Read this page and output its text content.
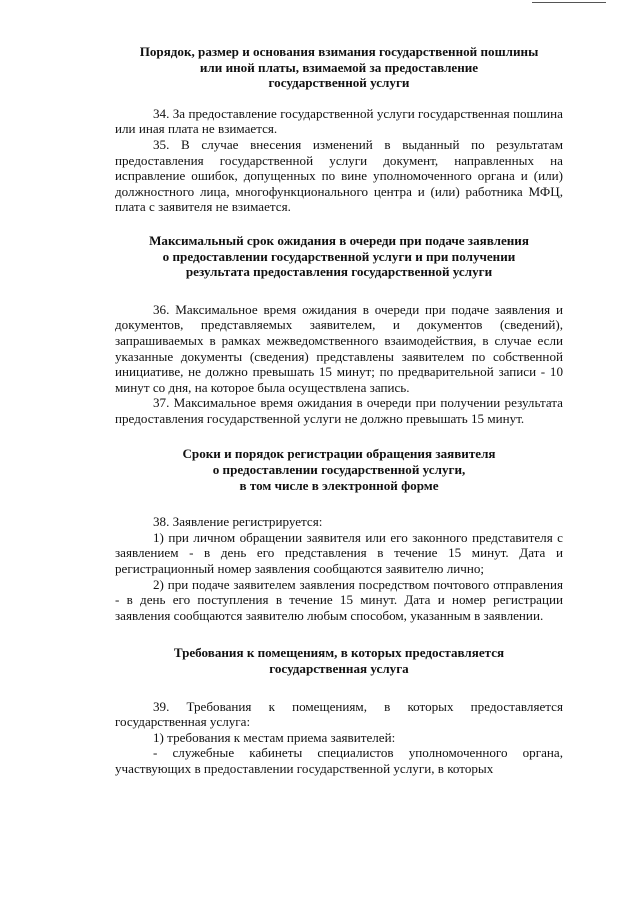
Порядок, размер и основания взимания государственной пошлины
или иной платы, взимаемой за предоставление
государственной услуги

34. За предоставление государственной услуги государственная пошлина или иная плата не взимается.

35. В случае внесения изменений в выданный по результатам предоставления государственной услуги документ, направленных на исправление ошибок, допущенных по вине уполномоченного органа и (или) должностного лица, многофункционального центра и (или) работника МФЦ, плата с заявителя не взимается.

Максимальный срок ожидания в очереди при подаче заявления
о предоставлении государственной услуги и при получении
результата предоставления государственной услуги

36. Максимальное время ожидания в очереди при подаче заявления и документов, представляемых заявителем, и документов (сведений), запрашиваемых в рамках межведомственного взаимодействия, в случае если указанные документы (сведения) представлены заявителем по собственной инициативе, не должно превышать 15 минут; по предварительной записи - 10 минут со дня, на которое была осуществлена запись.

37. Максимальное время ожидания в очереди при получении результата предоставления государственной услуги не должно превышать 15 минут.

Сроки и порядок регистрации обращения заявителя
о предоставлении государственной услуги,
в том числе в электронной форме

38. Заявление регистрируется:

1) при личном обращении заявителя или его законного представителя с заявлением - в день его представления в течение 15 минут. Дата и регистрационный номер заявления сообщаются заявителю лично;

2) при подаче заявителем заявления посредством почтового отправления - в день его поступления в течение 15 минут. Дата и номер регистрации заявления сообщаются заявителю любым способом, указанным в заявлении.

Требования к помещениям, в которых предоставляется
государственная услуга

39. Требования к помещениям, в которых предоставляется государственная услуга:

1) требования к местам приема заявителей:

- служебные кабинеты специалистов уполномоченного органа, участвующих в предоставлении государственной услуги, в которых
